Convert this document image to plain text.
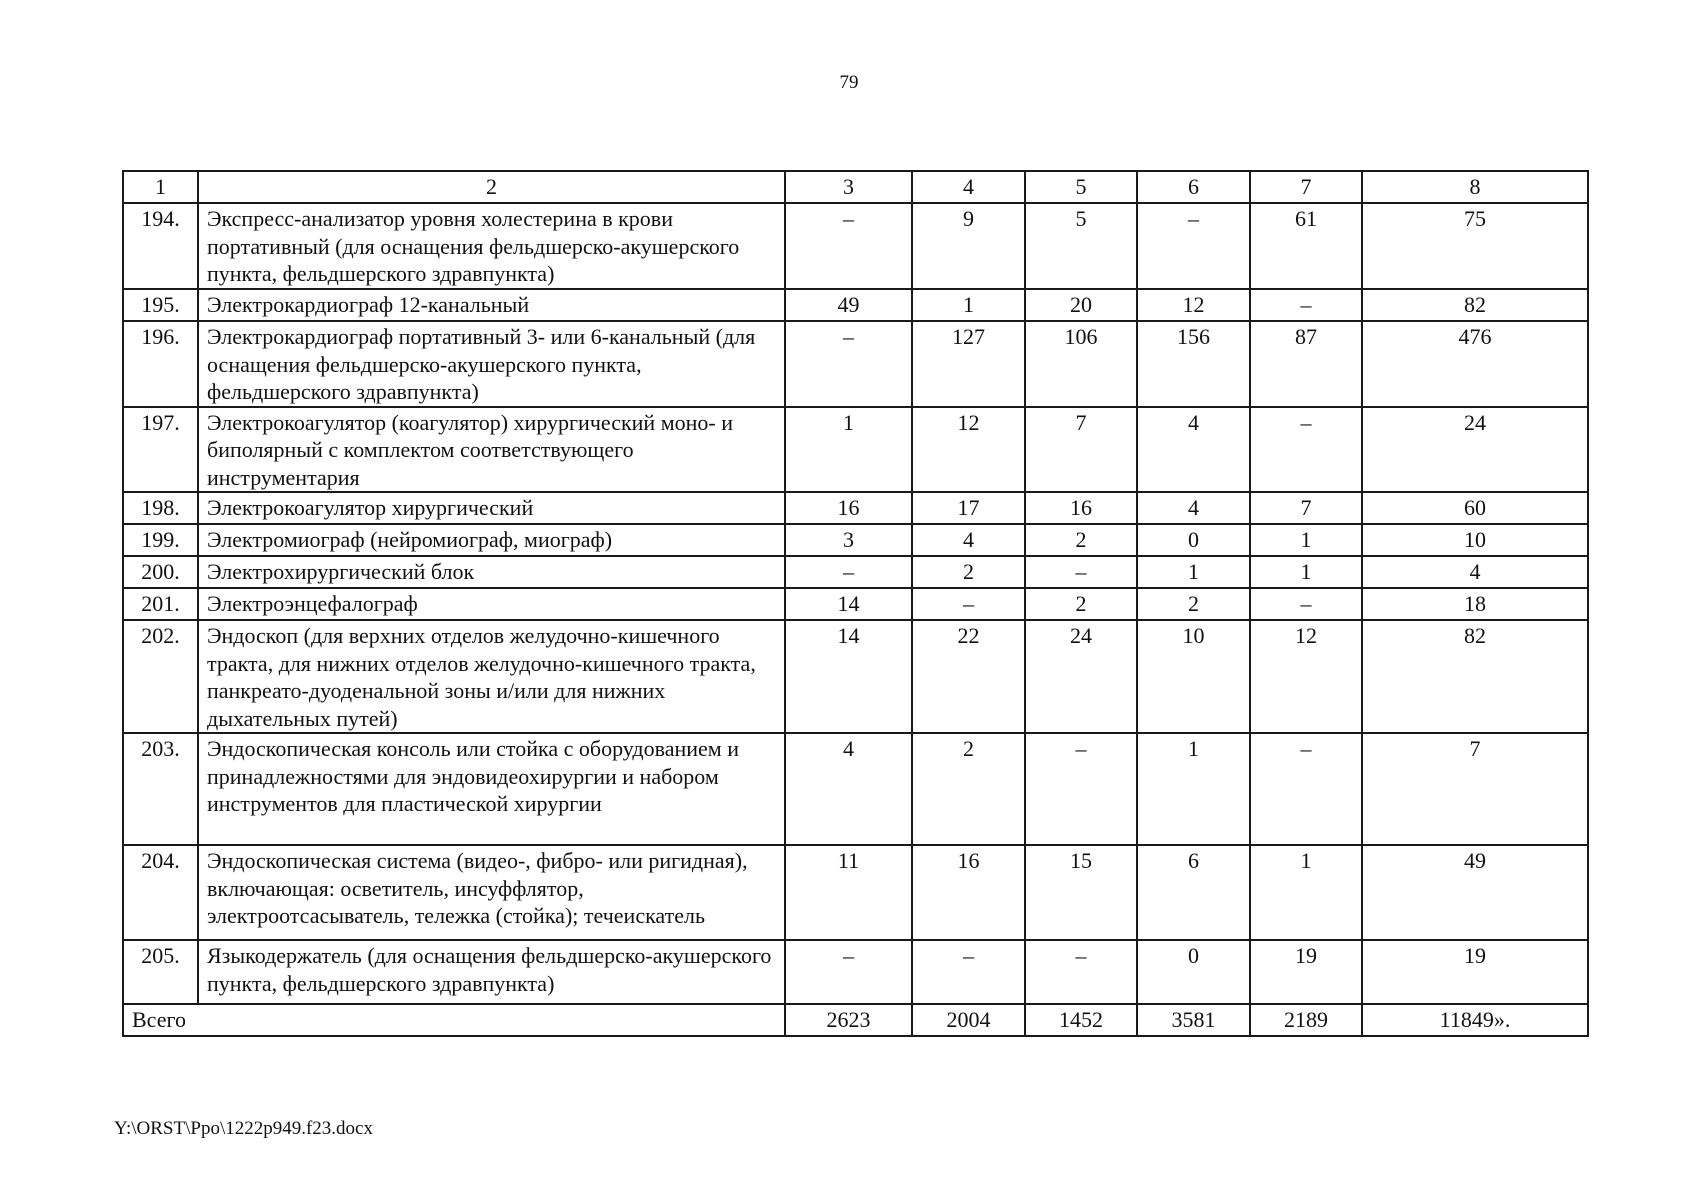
79
1	2	3	4	5	6	7	8
194.	Экспресс-анализатор уровня холестерина в крови портативный (для оснащения фельдшерско-акушерского пункта, фельдшерского здравпункта)	–	9	5	–	61	75
195.	Электрокардиограф 12-канальный	49	1	20	12	–	82
196.	Электрокардиограф портативный 3- или 6-канальный (для оснащения фельдшерско-акушерского пункта, фельдшерского здравпункта)	–	127	106	156	87	476
197.	Электрокоагулятор (коагулятор) хирургический моно- и биполярный с комплектом соответствующего инструментария	1	12	7	4	–	24
198.	Электрокоагулятор хирургический	16	17	16	4	7	60
199.	Электромиограф (нейромиограф, миограф)	3	4	2	0	1	10
200.	Электрохирургический блок	–	2	–	1	1	4
201.	Электроэнцефалограф	14	–	2	2	–	18
202.	Эндоскоп (для верхних отделов желудочно-кишечного тракта, для нижних отделов желудочно-кишечного тракта, панкреато-дуоденальной зоны и/или для нижних дыхательных путей)	14	22	24	10	12	82
203.	Эндоскопическая консоль или стойка с оборудованием и принадлежностями для эндовидеохирургии и набором инструментов для пластической хирургии	4	2	–	1	–	7
204.	Эндоскопическая система (видео-, фибро- или ригидная), включающая: осветитель, инсуффлятор, электроотсасыватель, тележка (стойка); течеискатель	11	16	15	6	1	49
205.	Языкодержатель (для оснащения фельдшерско-акушерского пункта, фельдшерского здравпункта)	–	–	–	0	19	19
Всего		2623	2004	1452	3581	2189	11849».
Y:\ORST\Ppo\1222p949.f23.docx
